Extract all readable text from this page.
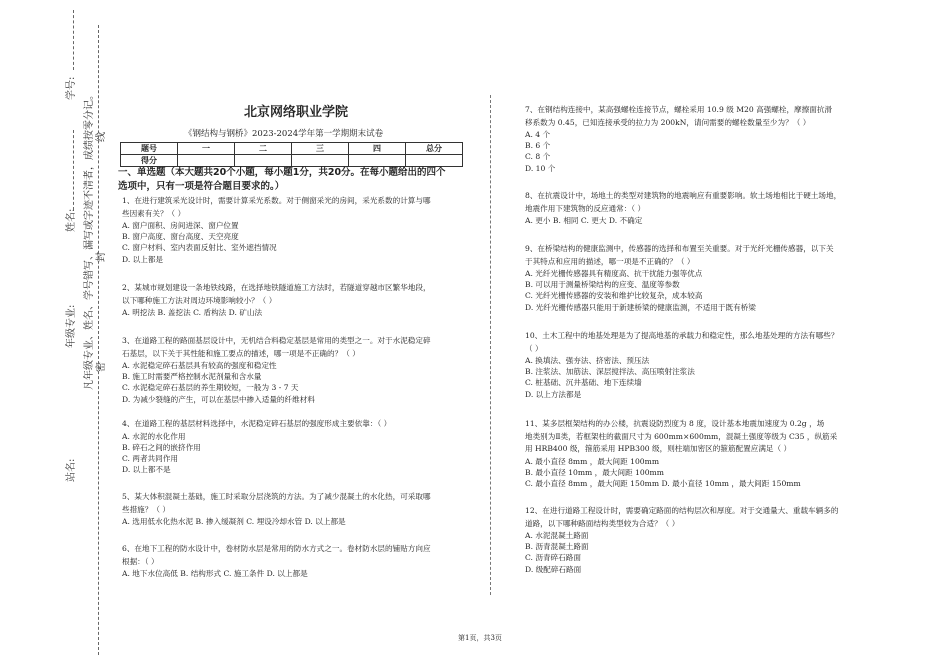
学号:
姓名:
年级专业:
站名:
凡年级专业、姓名、学号错写、漏写或字迹不清者，成绩按零分记。 密
封
线
北京网络职业学院
《钢结构与钢桥》2023-2024学年第一学期期末试卷
题号	一	二	三	四	总分
得分					
一、单选题（本大题共20个小题，每小题1分，共20分。在每小题给出的四个
选项中，只有一项是符合题目要求的。）
1、在进行建筑采光设计时，需要计算采光系数。对于侧窗采光的房间，采光系数的计算与哪
些因素有关？（ ）
A. 窗户面积、房间进深、窗户位置
B. 窗户高度、窗台高度、天空亮度
C. 窗户材料、室内表面反射比、室外遮挡情况
D. 以上都是
2、某城市规划建设一条地铁线路，在选择地铁隧道施工方法时，若隧道穿越市区繁华地段，
以下哪种施工方法对周边环境影响较小？（ ）
A. 明挖法 B. 盖挖法 C. 盾构法 D. 矿山法
3、在道路工程的路面基层设计中，无机结合料稳定基层是常用的类型之一。对于水泥稳定碎
石基层，以下关于其性能和施工要点的描述，哪一项是不正确的？（ ）
A. 水泥稳定碎石基层具有较高的强度和稳定性
B. 施工时需要严格控制水泥剂量和含水量
C. 水泥稳定碎石基层的养生期较短，一般为 3 - 7 天
D. 为减少裂缝的产生，可以在基层中掺入适量的纤维材料
4、在道路工程的基层材料选择中，水泥稳定碎石基层的强度形成主要依靠：（ ）
A. 水泥的水化作用
B. 碎石之间的嵌挤作用
C. 两者共同作用
D. 以上都不是
5、某大体积混凝土基础，施工时采取分层浇筑的方法。为了减少混凝土的水化热，可采取哪
些措施？（ ）
A. 选用低水化热水泥 B. 掺入缓凝剂 C. 埋设冷却水管 D. 以上都是
6、在地下工程的防水设计中，卷材防水层是常用的防水方式之一。卷材防水层的铺贴方向应
根据：（ ）
A. 地下水位高低 B. 结构形式 C. 施工条件 D. 以上都是
7、在钢结构连接中，某高强螺栓连接节点，螺栓采用 10.9 级 M20 高强螺栓，摩擦面抗滑
移系数为 0.45，已知连接承受的拉力为 200kN，请问需要的螺栓数量至少为？（ ）
A. 4 个
B. 6 个
C. 8 个
D. 10 个
8、在抗震设计中，场地土的类型对建筑物的地震响应有重要影响。软土场地相比于硬土场地，
地震作用下建筑物的反应通常：（ ）
A. 更小 B. 相同 C. 更大 D. 不确定
9、在桥梁结构的健康监测中，传感器的选择和布置至关重要。对于光纤光栅传感器，以下关
于其特点和应用的描述，哪一项是不正确的？（ ）
A. 光纤光栅传感器具有精度高、抗干扰能力强等优点
B. 可以用于测量桥梁结构的应变、温度等参数
C. 光纤光栅传感器的安装和维护比较复杂，成本较高
D. 光纤光栅传感器只能用于新建桥梁的健康监测，不适用于既有桥梁
10、土木工程中的地基处理是为了提高地基的承载力和稳定性，那么地基处理的方法有哪些？
（ ）
A. 换填法、强夯法、挤密法、预压法
B. 注浆法、加筋法、深层搅拌法、高压喷射注浆法
C. 桩基础、沉井基础、地下连续墙
D. 以上方法都是
11、某多层框架结构的办公楼，抗震设防烈度为 8 度，设计基本地震加速度为 0.2g ，场
地类别为Ⅱ类，若框架柱的截面尺寸为 600mm×600mm，混凝土强度等级为 C35 ，纵筋采
用 HRB400 级，箍筋采用 HPB300 级，则柱端加密区的箍筋配置应满足（ ）
A. 最小直径 8mm ，最大间距 100mm
B. 最小直径 10mm ，最大间距 100mm
C. 最小直径 8mm ，最大间距 150mm D. 最小直径 10mm ，最大间距 150mm
12、在进行道路工程设计时，需要确定路面的结构层次和厚度。对于交通量大、重载车辆多的
道路，以下哪种路面结构类型较为合适？（ ）
A. 水泥混凝土路面
B. 沥青混凝土路面
C. 沥青碎石路面
D. 级配碎石路面
第1页，共3页
